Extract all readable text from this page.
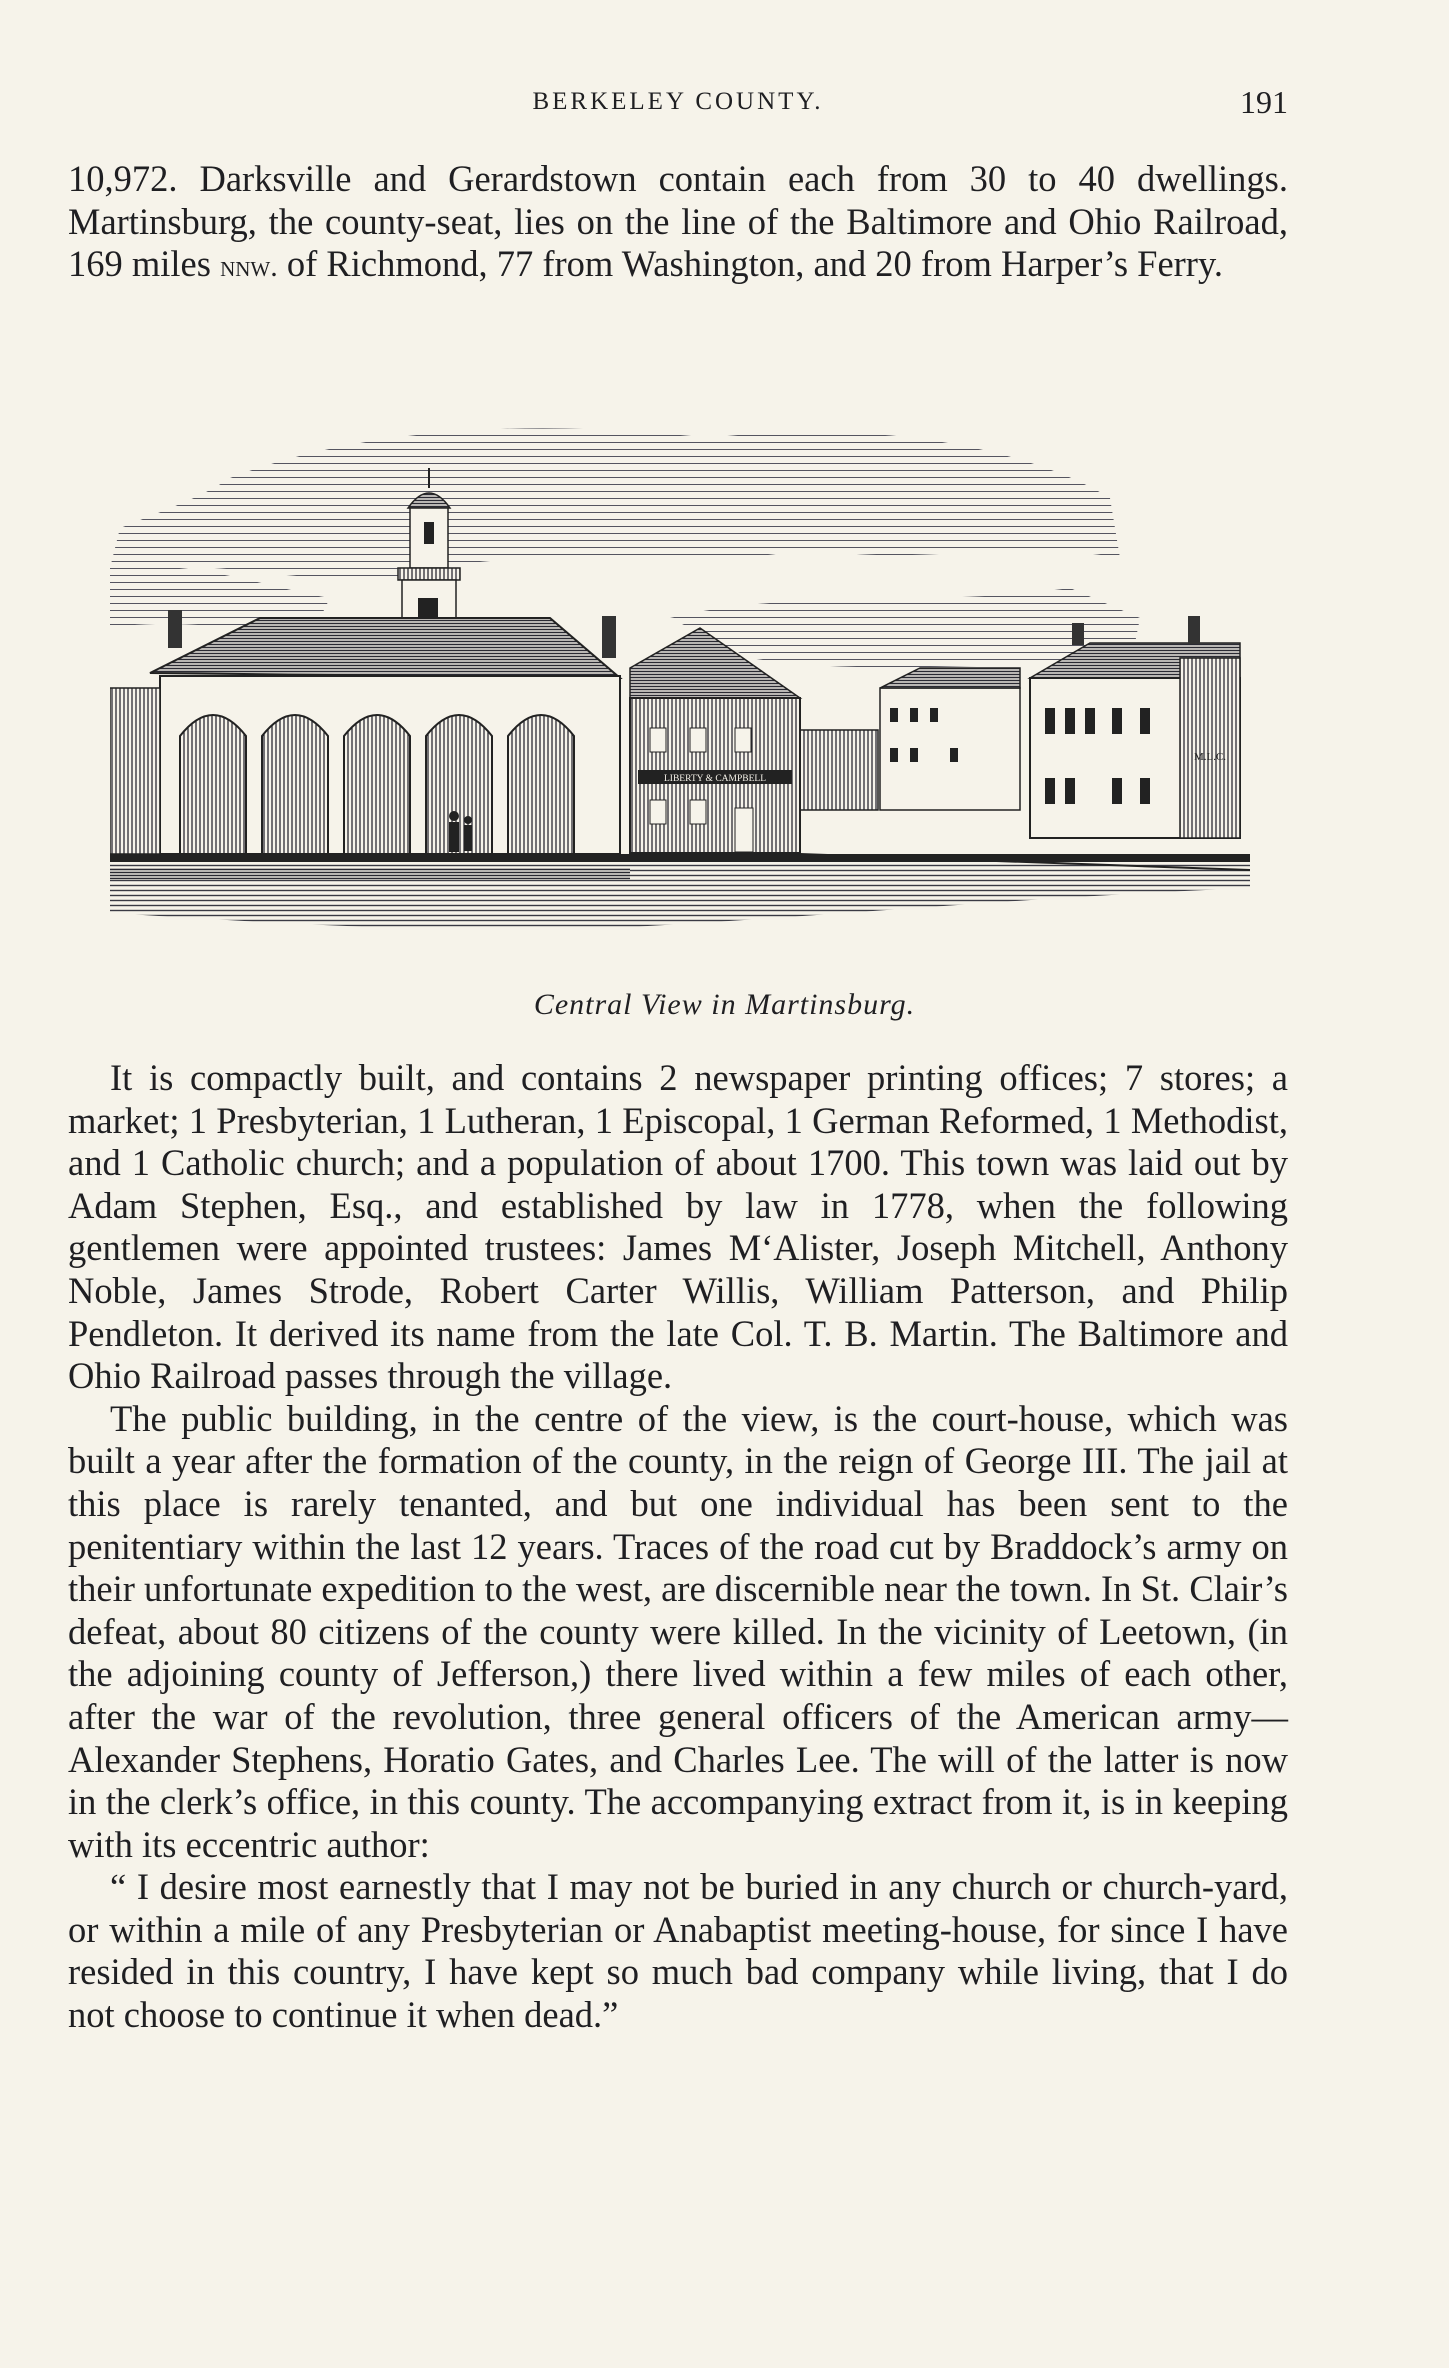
BERKELEY COUNTY.	191

10,972. Darksville and Gerardstown contain each from 30 to 40 dwellings. Martinsburg, the county-seat, lies on the line of the Baltimore and Ohio Railroad, 169 miles nnw. of Richmond, 77 from Washington, and 20 from Harper’s Ferry.

M.L.C.
LIBERTY & CAMPBELL
Central View in Martinsburg.

It is compactly built, and contains 2 newspaper printing offices; 7 stores; a market; 1 Presbyterian, 1 Lutheran, 1 Episcopal, 1 German Reformed, 1 Methodist, and 1 Catholic church; and a population of about 1700. This town was laid out by Adam Stephen, Esq., and established by law in 1778, when the following gentlemen were appointed trustees: James M‘Alister, Joseph Mitchell, Anthony Noble, James Strode, Robert Carter Willis, William Patterson, and Philip Pendleton. It derived its name from the late Col. T. B. Martin. The Baltimore and Ohio Railroad passes through the village.

The public building, in the centre of the view, is the court-house, which was built a year after the formation of the county, in the reign of George III. The jail at this place is rarely tenanted, and but one individual has been sent to the penitentiary within the last 12 years. Traces of the road cut by Braddock’s army on their unfortunate expedition to the west, are discernible near the town. In St. Clair’s defeat, about 80 citizens of the county were killed. In the vicinity of Leetown, (in the adjoining county of Jefferson,) there lived within a few miles of each other, after the war of the revolution, three general officers of the American army—Alexander Stephens, Horatio Gates, and Charles Lee. The will of the latter is now in the clerk’s office, in this county. The accompanying extract from it, is in keeping with its eccentric author:

“ I desire most earnestly that I may not be buried in any church or church-yard, or within a mile of any Presbyterian or Anabaptist meeting-house, for since I have resided in this country, I have kept so much bad company while living, that I do not choose to continue it when dead.”
